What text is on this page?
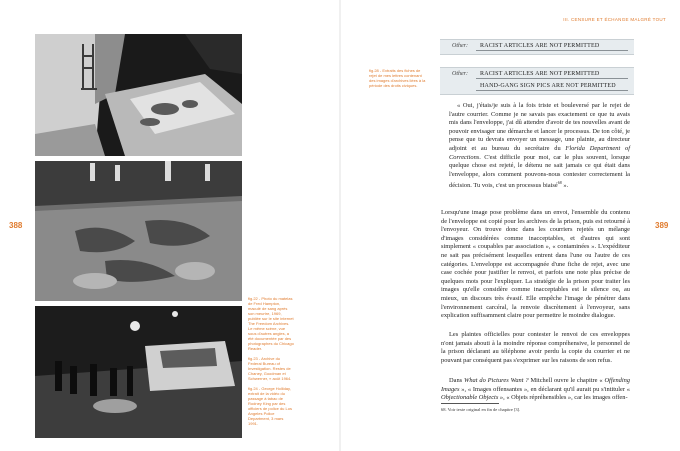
388

fig.22 - Photo du matelas de Fred Hampton, maculé de sang après son meurtre, 1969, publiée sur le site internet The Freedom Archives. Le même scène, vue sous d'autres angles, a été documentée par des photographes du Chicago Reader.

fig.23 - Archive du Federal Bureau of Investigation. Restes de Chaney, Goodman et Schwerner, « août 1964.

fig.24 - George Holliday, extrait de la vidéo du passage à tabac de Rodney King par des officiers de police du Los Angeles Police Department, 3 mars 1991.

III. CENSURE ET ÉCHANGE MALGRÉ TOUT
fig.28 - Extraits des fiches de rejet de mes lettres contenant des images d'archives liées à la période des droits civiques.
Other: RACIST ARTICLES ARE NOT PERMITTED
Other: RACIST ARTICLES ARE NOT PERMITTED
HAND-GANG SIGN PICS ARE NOT PERMITTED

« Oui, j'étais/je suis à la fois triste et bouleversé par le rejet de l'autre courrier. Comme je ne savais pas exactement ce que tu avais mis dans l'enveloppe, j'ai dû attendre d'avoir de tes nouvelles avant de pouvoir envisager une démarche et lancer le processus. De ton côté, je pense que tu devrais envoyer un message, une plainte, au directeur adjoint et au bureau du secrétaire du Florida Department of Corrections. C'est difficile pour moi, car le plus souvent, lorsque quelque chose est rejeté, le détenu ne sait jamais ce qui était dans l'enveloppe, alors comment pouvons-nous contester correctement la décision. Tu vois, c'est un processus biaisé$^{68}$ ».

Lorsqu'une image pose problème dans un envoi, l'ensemble du contenu de l'enveloppe est copié pour les archives de la prison, puis est retourné à l'envoyeur. On trouve donc dans les courriers rejetés un mélange d'images considérées comme inacceptables, et d'autres qui sont simplement « coupables par association », « contaminées ». L'expéditeur ne sait pas précisément lesquelles entrent dans l'une ou l'autre de ces catégories. L'enveloppe est accompagnée d'une fiche de rejet, avec une case cochée pour justifier le renvoi, et parfois une note plus précise de quelques mots pour l'expliquer. La stratégie de la prison pour traiter les images qu'elle considère comme inacceptables est le silence ou, au mieux, un discours très évasif. Elle empêche l'image de pénétrer dans l'environnement carcéral, la renvoie discrètement à l'envoyeur, sans explication suffisamment claire pour permettre le moindre dialogue.

Les plaintes officielles pour contester le renvoi de ces enveloppes n'ont jamais abouti à la moindre réponse compréhensive, le personnel de la prison déclarant au téléphone avoir perdu la copie du courrier et ne pouvant par conséquent pas s'exprimer sur les raisons de son refus.

Dans What do Pictures Want ? Mitchell ouvre le chapitre « Offending Images », « Images offensantes », en déclarant qu'il aurait pu s'intituler « Objectionable Objects », « Objets répréhensibles », car les images offen-

68. Voir texte original en fin de chapitre [3].
389
